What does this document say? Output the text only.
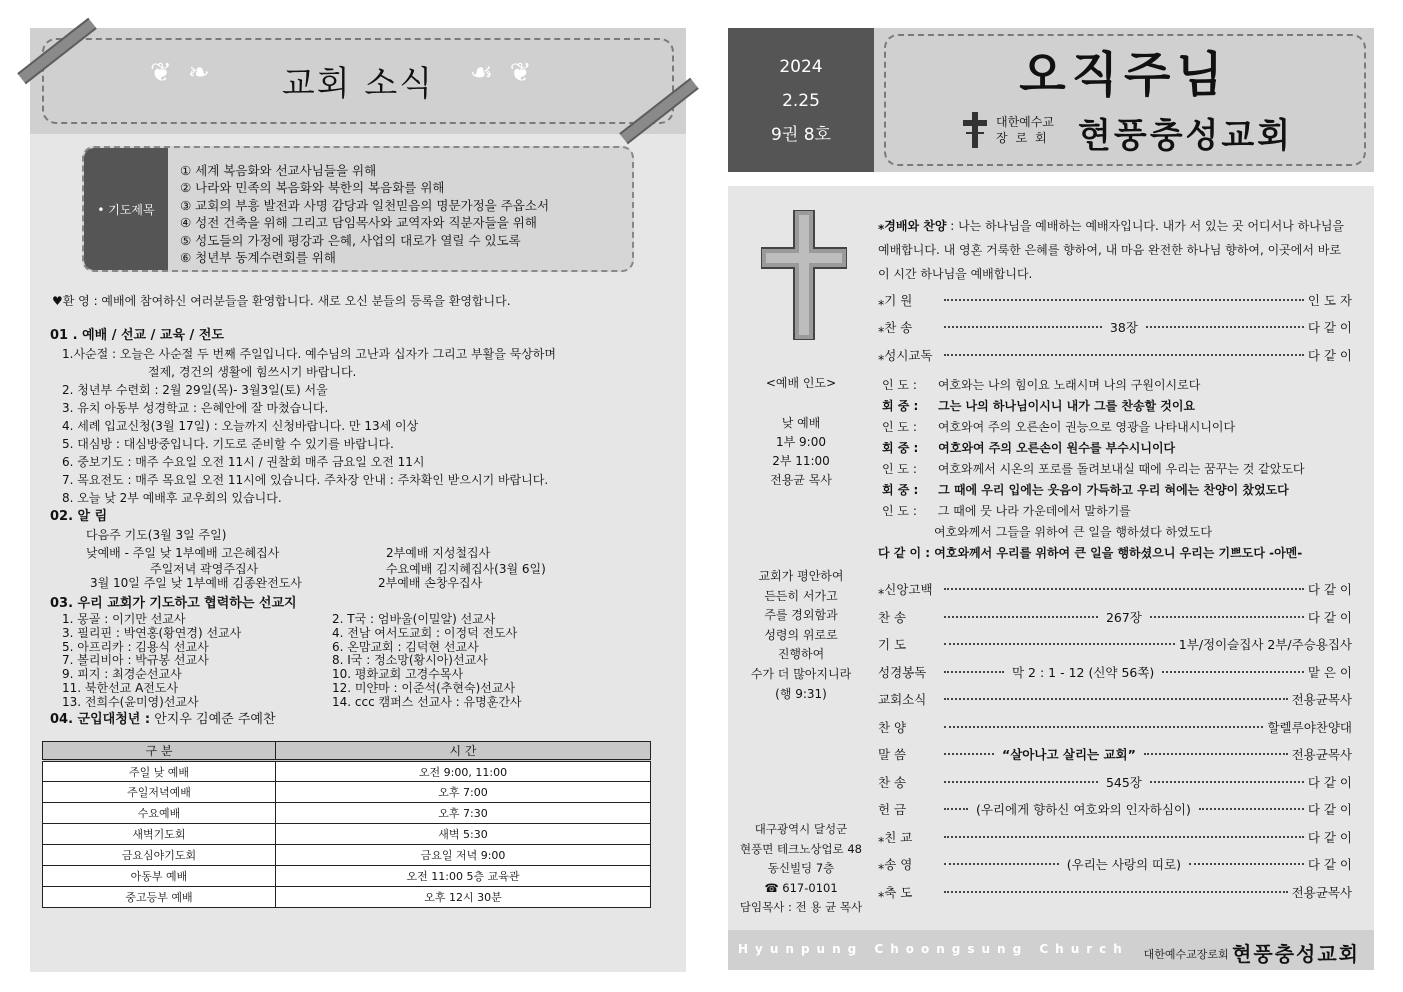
❦ ❧	교회 소식	☙ ❦
• 기도제목
① 세계 복음화와 선교사님들을 위해
② 나라와 민족의 복음화와 북한의 복음화를 위해
③ 교회의 부흥 발전과 사명 감당과 일천믿음의 명문가정을 주옵소서
④ 성전 건축을 위해 그리고 담임목사와 교역자와 직분자들을 위해
⑤ 성도들의 가정에 평강과 은혜, 사업의 대로가 열릴 수 있도록
⑥ 청년부 동계수련회를 위해
♥환 영 : 예배에 참여하신 여러분들을 환영합니다. 새로 오신 분들의 등록을 환영합니다.
01 . 예배 / 선교 / 교육 / 전도
1.사순절 : 오늘은 사순절 두 번째 주일입니다. 예수님의 고난과 십자가 그리고 부활을 묵상하며
절제, 경건의 생활에 힘쓰시기 바랍니다.
2. 청년부 수련회 : 2월 29일(목)- 3월3일(토) 서울
3. 유치 아동부 성경학교 : 은혜안에 잘 마쳤습니다.
4. 세례 입교신청(3월 17일) : 오늘까지 신청바랍니다. 만 13세 이상
5. 대심방 : 대심방중입니다. 기도로 준비할 수 있기를 바랍니다.
6. 중보기도 : 매주 수요일 오전 11시 / 권찰회 매주 금요일 오전 11시
7. 목요전도 : 매주 목요일 오전 11시에 있습니다. 주차장 안내 : 주차확인 받으시기 바랍니다.
8. 오늘 낮 2부 예배후 교우회의 있습니다.
02. 알 림
다음주 기도(3월 3일 주일)
낮예배 - 주일 낮 1부예배 고은혜집사	2부예배 지성철집사
주일저녁 곽영주집사	수요예배 김지혜집사(3월 6일)
3월 10일 주일 낮 1부예배 김종완전도사	2부예배 손창우집사
03. 우리 교회가 기도하고 협력하는 선교지
1. 몽골 : 이기만 선교사	2. T국 : 엄바울(이밀알) 선교사
3. 필리핀 : 박연홍(황연경) 선교사	4. 전남 여서도교회 : 이정덕 전도사
5. 아프리카 : 김용식 선교사	6. 온맘교회 : 김덕현 선교사
7. 볼리비아 : 박규봉 선교사	8. I국 : 정소망(황시아)선교사
9. 피지 : 최경순선교사	10. 평화교회 고경수목사
11. 북한선교 A전도사	12. 미얀마 : 이준석(추현숙)선교사
13. 전희수(윤미영)선교사	14. ccc 캠퍼스 선교사 : 유명훈간사
04. 군입대청년 : 안지우 김예준 주예찬
구 분	시 간
주일 낮 예배	오전 9:00, 11:00
주일저녁예배	오후 7:00
수요예배	오후 7:30
새벽기도회	새벽 5:30
금요심야기도회	금요일 저녁 9:00
아동부 예배	오전 11:00 5층 교육관
중고등부 예배	오후 12시 30분
2024
2.25
9권 8호
오직주님
대한예수교
장로회 현풍충성교회
<예배 인도>
낮 예배
1부 9:00
2부 11:00
전용균 목사
교회가 평안하여
든든히 서가고
주를 경외함과
성령의 위로로
진행하여
수가 더 많아지니라
(행 9:31)
대구광역시 달성군
현풍면 테크노상업로 48
동신빌딩 7층
☎ 617-0101
담임목사 : 전 용 균 목사
⁎경배와 찬양 : 나는 하나님을 예배하는 예배자입니다. 내가 서 있는 곳 어디서나 하나님을 예배합니다. 내 영혼 거룩한 은혜를 향하여, 내 마음 완전한 하나님 향하여, 이곳에서 바로 이 시간 하나님을 예배합니다.
⁎기 원	인 도 자
⁎찬 송	38장	다 같 이
⁎성시교독	다 같 이
인 도 : 여호와는 나의 힘이요 노래시며 나의 구원이시로다
회 중 : 그는 나의 하나님이시니 내가 그를 찬송할 것이요
인 도 : 여호와여 주의 오른손이 권능으로 영광을 나타내시니이다
회 중 : 여호와여 주의 오른손이 원수를 부수시니이다
인 도 : 여호와께서 시온의 포로를 돌려보내실 때에 우리는 꿈꾸는 것 같았도다
회 중 : 그 때에 우리 입에는 웃음이 가득하고 우리 혀에는 찬양이 찼었도다
인 도 : 그 때에 뭇 나라 가운데에서 말하기를
여호와께서 그들을 위하여 큰 일을 행하셨다 하였도다
다 같 이 : 여호와께서 우리를 위하여 큰 일을 행하셨으니 우리는 기쁘도다 -아멘-
⁎신앙고백	다 같 이
찬 송	267장	다 같 이
기 도	1부/정이슬집사 2부/주승용집사
성경봉독	막 2 : 1 - 12 (신약 56쪽)	맡 은 이
교회소식	전용균목사
찬 양	할렐루야찬양대
말 씀	“살아나고 살리는 교회”	전용균목사
찬 송	545장	다 같 이
헌 금	(우리에게 향하신 여호와의 인자하심이)	다 같 이
⁎친 교	다 같 이
⁎송 영	(우리는 사랑의 띠로)	다 같 이
⁎축 도	전용균목사
Hyunpung Choongsung Church 대한예수교장로회 현풍충성교회
